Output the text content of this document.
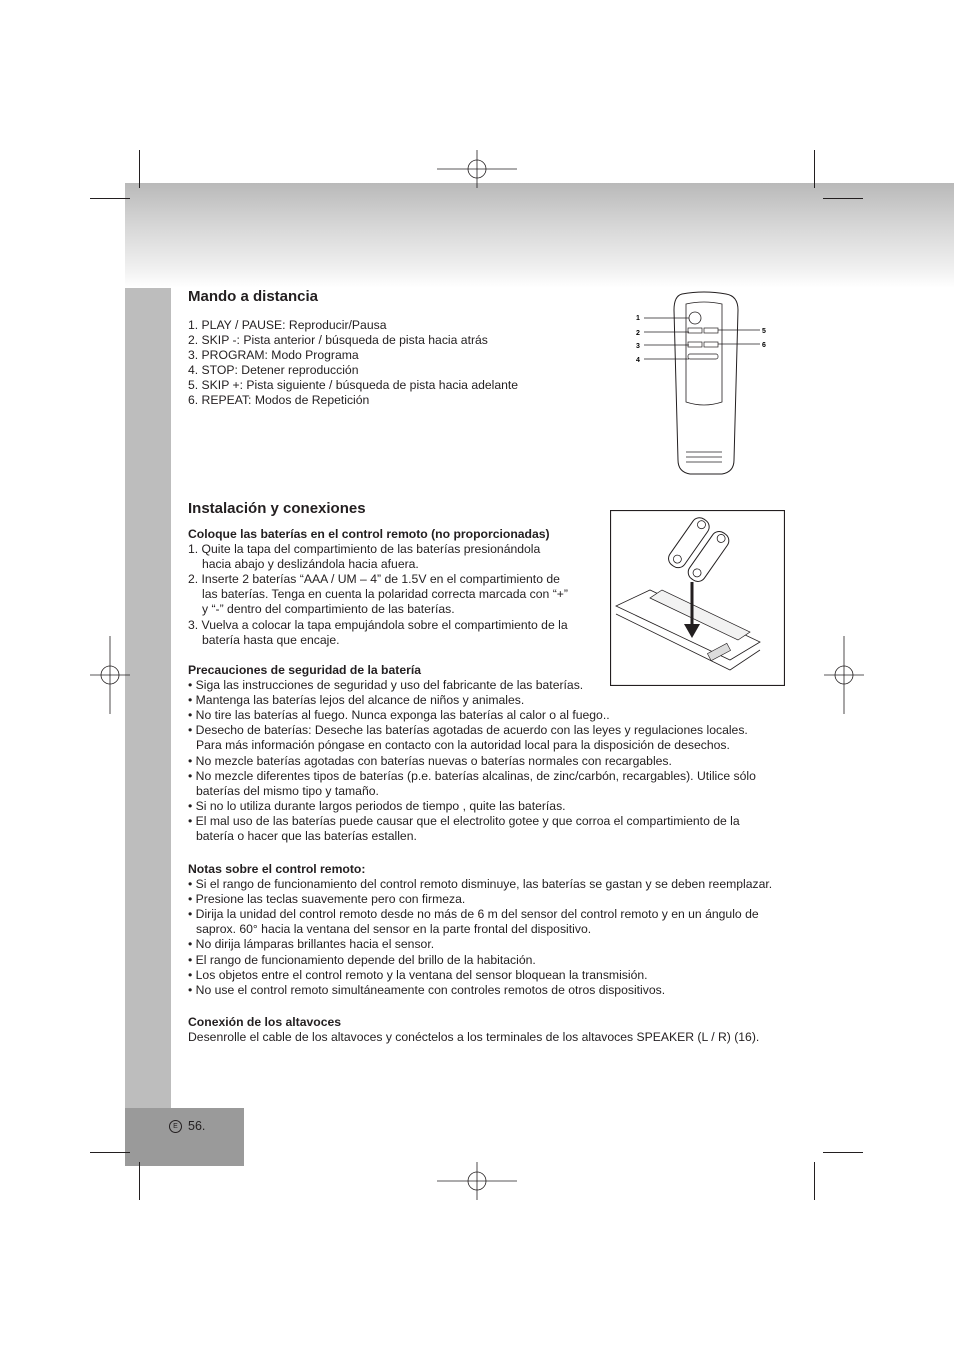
Mando a distancia
1. PLAY / PAUSE: Reproducir/Pausa
2. SKIP -: Pista anterior / búsqueda de pista hacia atrás
3. PROGRAM: Modo Programa
4. STOP: Detener reproducción
5. SKIP +: Pista siguiente / búsqueda de pista hacia adelante
6. REPEAT: Modos de Repetición
1
2
3
4
5
6
Instalación y conexiones
Coloque las baterías en el control remoto (no proporcionadas)
1. Quite la tapa del compartimiento de las baterías presionándola
hacia abajo y deslizándola hacia afuera.
2. Inserte 2 baterías “AAA / UM – 4” de 1.5V en el compartimiento de
las baterías. Tenga en cuenta la polaridad correcta marcada con “+”
y “-” dentro del compartimiento de las baterías.
3. Vuelva a colocar la tapa empujándola sobre el compartimiento de la
batería hasta que encaje.
Precauciones de seguridad de la batería
• Siga las instrucciones de seguridad y uso del fabricante de las baterías.
• Mantenga las baterías lejos del alcance de niños y animales.
• No tire las baterías al fuego. Nunca exponga las baterías al calor o al fuego..
• Desecho de baterías: Deseche las baterías agotadas de acuerdo con las leyes y regulaciones locales.
Para más información póngase en contacto con la autoridad local para la disposición de desechos.
• No mezcle baterías agotadas con baterías nuevas o baterías normales con recargables.
• No mezcle diferentes tipos de baterías (p.e. baterías alcalinas, de zinc/carbón, recargables). Utilice sólo
baterías del mismo tipo y tamaño.
• Si no lo utiliza durante largos periodos de tiempo , quite las baterías.
• El mal uso de las baterías puede causar que el electrolito gotee y que corroa el compartimiento de la
batería o hacer que las baterías estallen.
Notas sobre el control remoto:
• Si el rango de funcionamiento del control remoto disminuye, las baterías se gastan y se deben reemplazar.
• Presione las teclas suavemente pero con firmeza.
• Dirija la unidad del control remoto desde no más de 6 m del sensor del control remoto y en un ángulo de
saprox. 60° hacia la ventana del sensor en la parte frontal del dispositivo.
• No dirija lámparas brillantes hacia el sensor.
• El rango de funcionamiento depende del brillo de la habitación.
• Los objetos entre el control remoto y la ventana del sensor bloquean la transmisión.
• No use el control remoto simultáneamente con controles remotos de otros dispositivos.
Conexión de los altavoces
Desenrolle el cable de los altavoces y conéctelos a los terminales de los altavoces SPEAKER (L / R) (16).
E 56.
